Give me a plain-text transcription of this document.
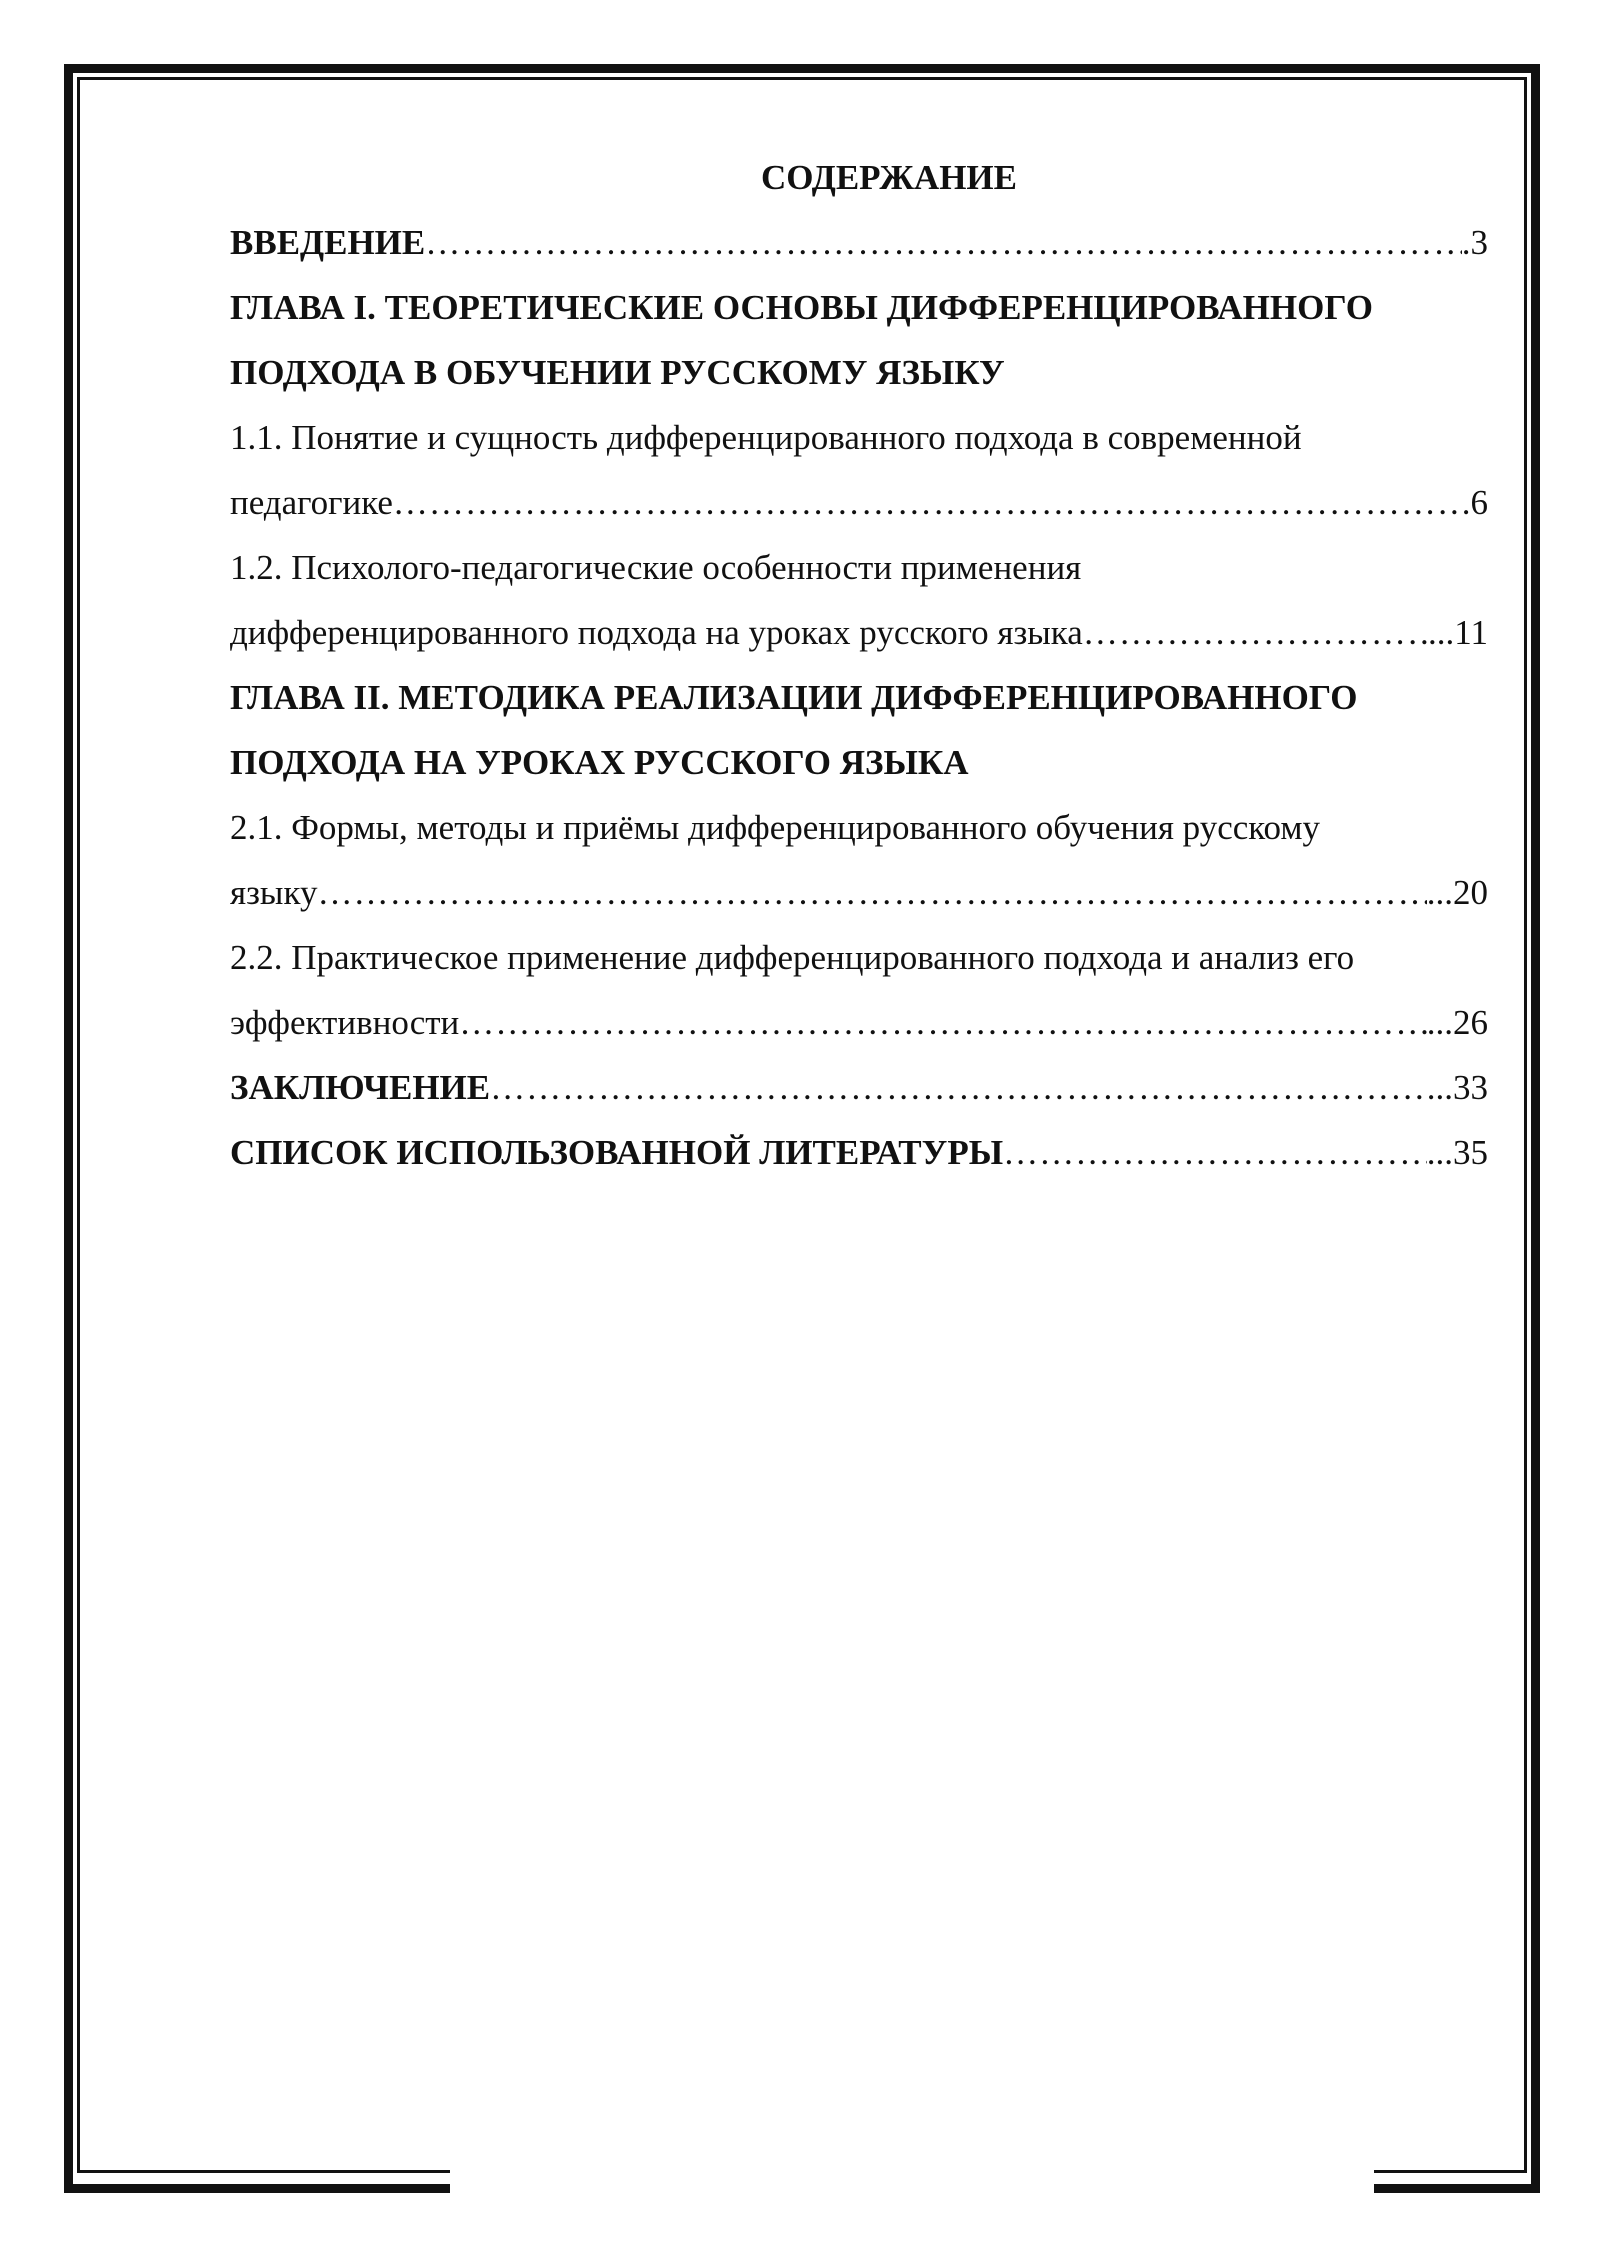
СОДЕРЖАНИЕ
ВВЕДЕНИЕ ……………………………………………………………………………………………………………………………………………………	.3
ГЛАВА I. ТЕОРЕТИЧЕСКИЕ ОСНОВЫ ДИФФЕРЕНЦИРОВАННОГО
ПОДХОДА В ОБУЧЕНИИ РУССКОМУ ЯЗЫКУ
1.1. Понятие и сущность дифференцированного подхода в современной
педагогике ……………………………………………………………………………………………………………………………………………………	6
1.2. Психолого-педагогические особенности применения
дифференцированного подхода на уроках русского языка ……………………………………………………………………………………………………………………………………………………	...11
ГЛАВА II. МЕТОДИКА РЕАЛИЗАЦИИ ДИФФЕРЕНЦИРОВАННОГО
ПОДХОДА НА УРОКАХ РУССКОГО ЯЗЫКА
2.1. Формы, методы и приёмы дифференцированного обучения русскому
языку ……………………………………………………………………………………………………………………………………………………	...20
2.2. Практическое применение дифференцированного подхода и анализ его
эффективности ……………………………………………………………………………………………………………………………………………………	...26
ЗАКЛЮЧЕНИЕ ……………………………………………………………………………………………………………………………………………………	...33
СПИСОК ИСПОЛЬЗОВАННОЙ ЛИТЕРАТУРЫ ……………………………………………………………………………………………………………………………………………………	...35
